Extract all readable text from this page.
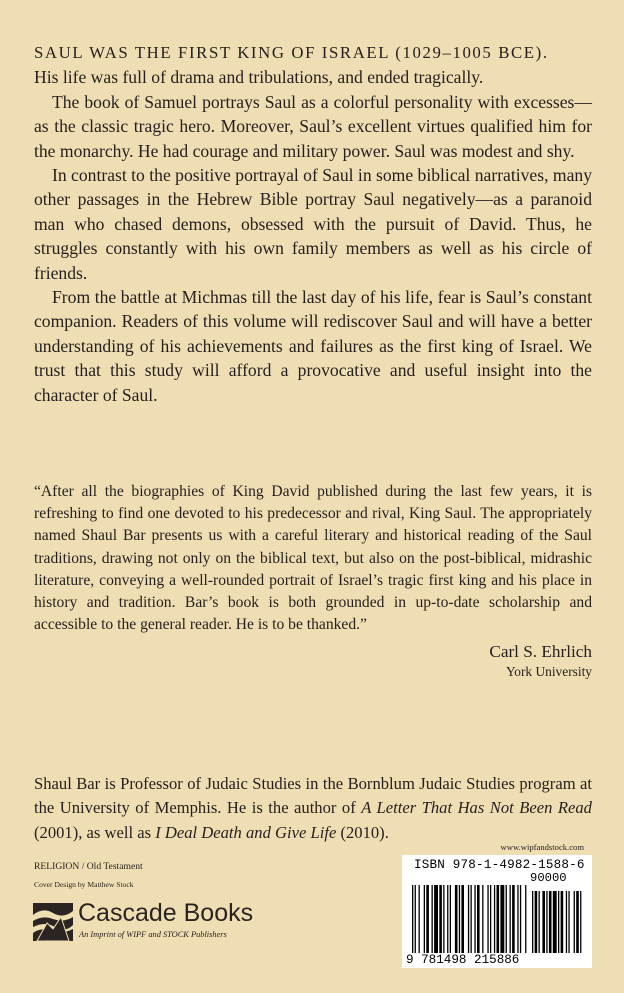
SAUL WAS THE FIRST KING OF ISRAEL (1029–1005 BCE).
His life was full of drama and tribulations, and ended tragically.

The book of Samuel portrays Saul as a colorful personality with excesses—as the classic tragic hero. Moreover, Saul’s excellent virtues qualified him for the monarchy. He had courage and military power. Saul was modest and shy.

In contrast to the positive portrayal of Saul in some biblical narratives, many other passages in the Hebrew Bible portray Saul negatively—as a paranoid man who chased demons, obsessed with the pursuit of David. Thus, he struggles constantly with his own family members as well as his circle of friends.

From the battle at Michmas till the last day of his life, fear is Saul’s constant companion. Readers of this volume will rediscover Saul and will have a better understanding of his achievements and failures as the first king of Israel. We trust that this study will afford a provocative and useful insight into the character of Saul.

“After all the biographies of King David published during the last few years, it is refreshing to find one devoted to his predecessor and rival, King Saul. The appropriately named Shaul Bar presents us with a careful literary and historical reading of the Saul traditions, drawing not only on the biblical text, but also on the post-biblical, midrashic literature, conveying a well-rounded portrait of Israel’s tragic first king and his place in history and tradition. Bar’s book is both grounded in up-to-date scholarship and accessible to the general reader. He is to be thanked.”

Carl S. Ehrlich
York University

Shaul Bar is Professor of Judaic Studies in the Bornblum Judaic Studies program at the University of Memphis. He is the author of A Letter That Has Not Been Read (2001), as well as I Deal Death and Give Life (2010).

www.wipfandstock.com
RELIGION / Old Testament
Cover Design by Matthew Stock
Cascade Books
An Imprint of WIPF and STOCK Publishers
ISBN 978-1-4982-1588-6
90000
9 781498 215886
